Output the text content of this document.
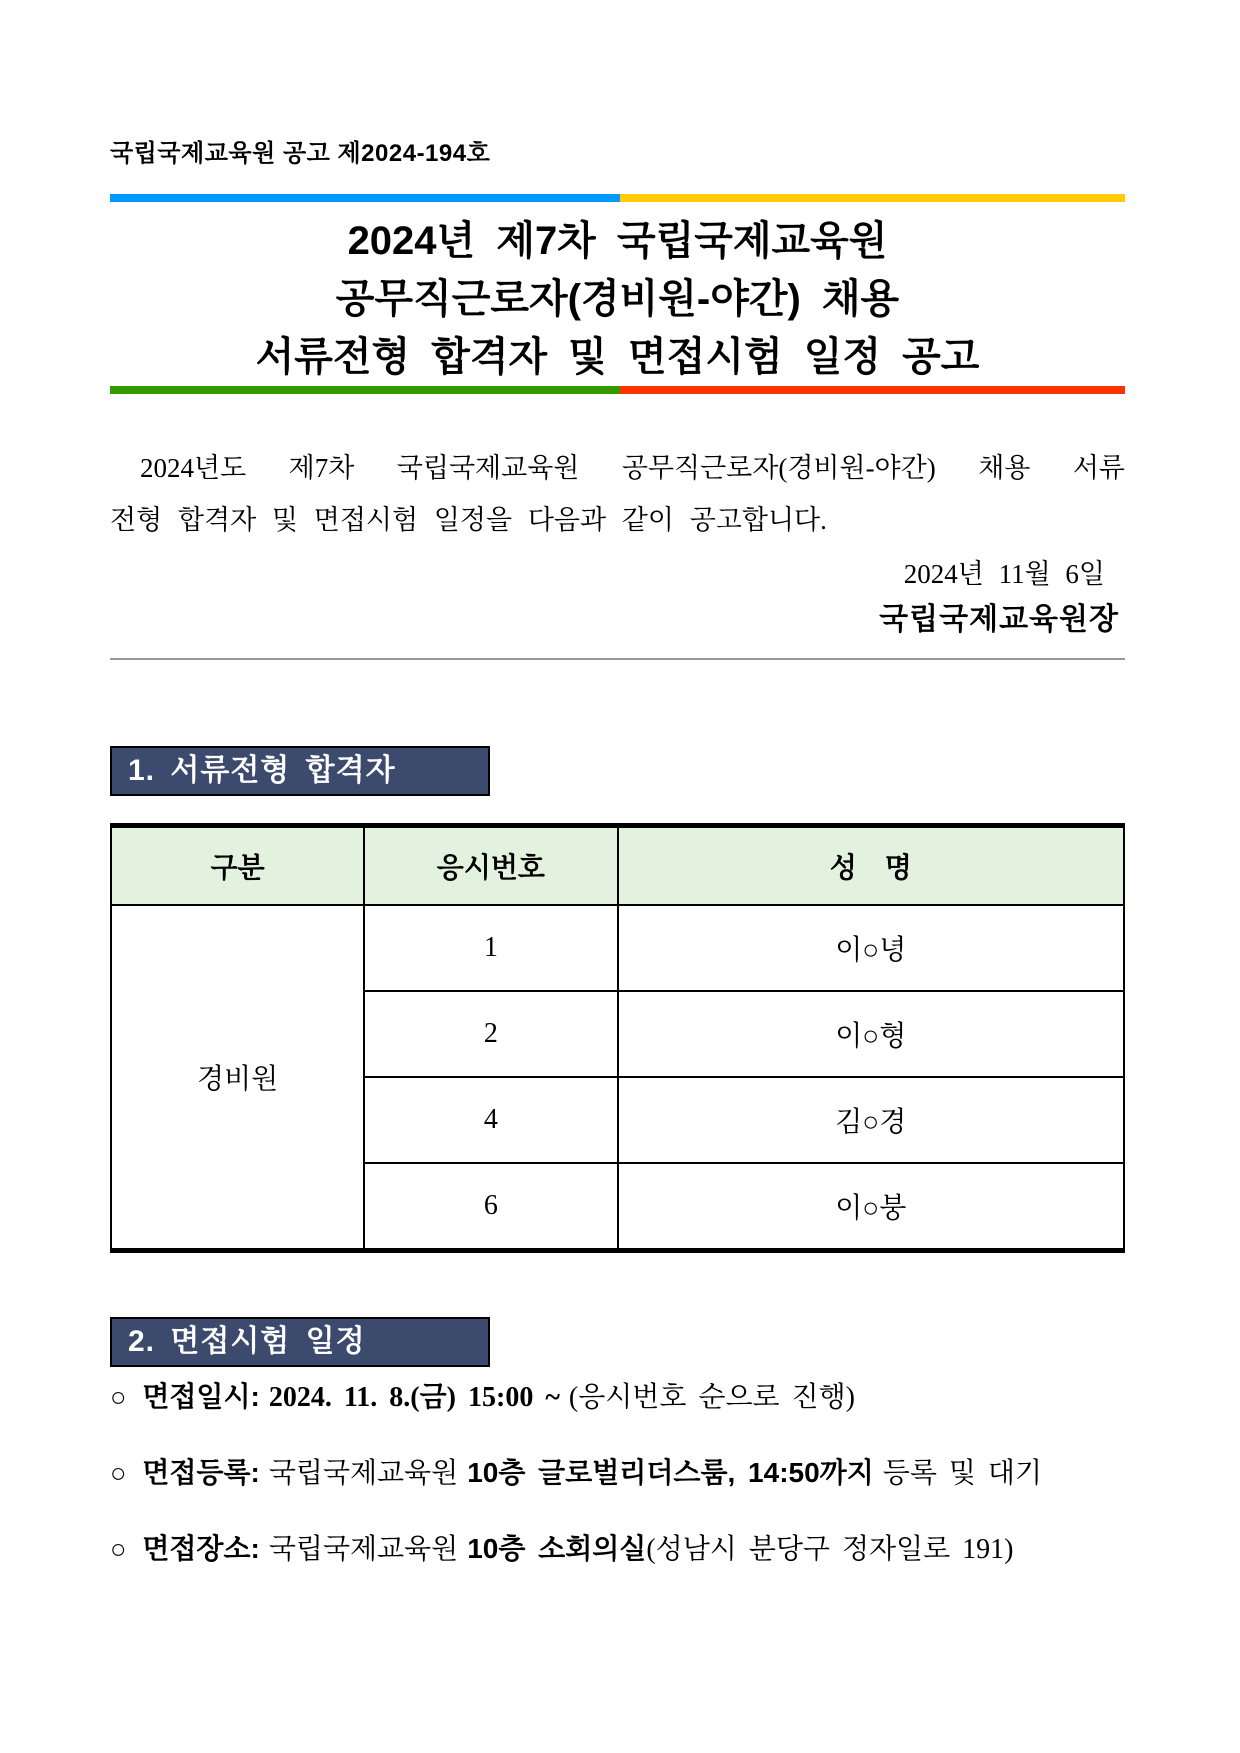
국립국제교육원 공고 제2024-194호
2024년 제7차 국립국제교육원
공무직근로자(경비원-야간) 채용
서류전형 합격자 및 면접시험 일정 공고
2024년도 제7차 국립국제교육원 공무직근로자(경비원-야간) 채용 서류
전형 합격자 및 면접시험 일정을 다음과 같이 공고합니다.
2024년 11월 6일
국립국제교육원장
1. 서류전형 합격자
구분	응시번호	성　명
경비원	1	이○녕
	2	이○형
	4	김○경
	6	이○붕
2. 면접시험 일정
○ 면접일시: 2024. 11. 8.(금) 15:00 ~ (응시번호 순으로 진행)
○ 면접등록: 국립국제교육원 10층 글로벌리더스룸, 14:50까지 등록 및 대기
○ 면접장소: 국립국제교육원 10층 소회의실(성남시 분당구 정자일로 191)
